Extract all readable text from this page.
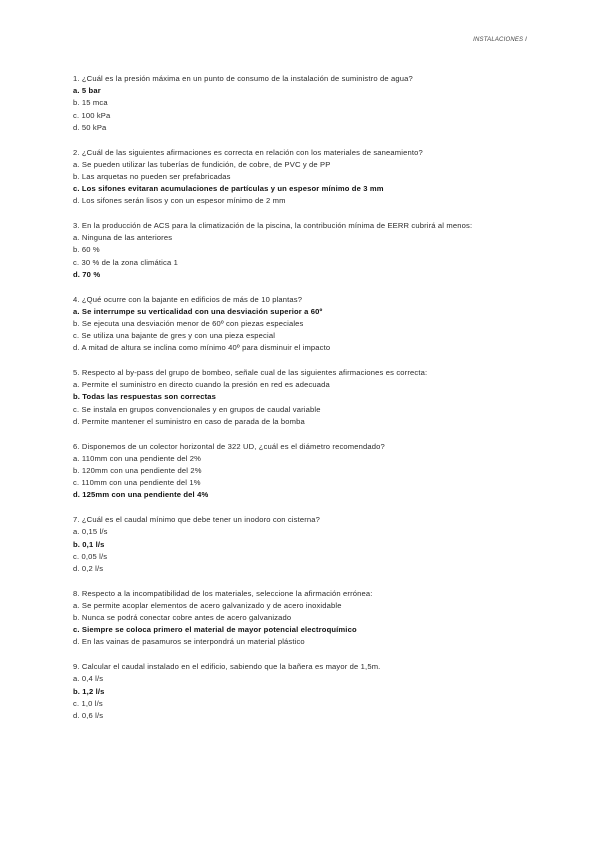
INSTALACIONES I
1. ¿Cuál es la presión máxima en un punto de consumo de la instalación de suministro de agua?
a. 5 bar
b. 15 mca
c. 100 kPa
d. 50 kPa
2. ¿Cuál de las siguientes afirmaciones es correcta en relación con los materiales de saneamiento?
a. Se pueden utilizar las tuberías de fundición, de cobre, de PVC y de PP
b. Las arquetas no pueden ser prefabricadas
c. Los sifones evitaran acumulaciones de partículas y un espesor mínimo de 3 mm
d. Los sifones serán lisos y con un espesor mínimo de 2 mm
3. En la producción de ACS para la climatización de la piscina, la contribución mínima de EERR cubrirá al menos:
a. Ninguna de las anteriores
b. 60 %
c. 30 % de la zona climática 1
d. 70 %
4. ¿Qué ocurre con la bajante en edificios de más de 10 plantas?
a. Se interrumpe su verticalidad con una desviación superior a 60º
b. Se ejecuta una desviación menor de 60º con piezas especiales
c. Se utiliza una bajante de gres y con una pieza especial
d. A mitad de altura se inclina como mínimo 40º para disminuir el impacto
5. Respecto al by-pass del grupo de bombeo, señale cual de las siguientes afirmaciones es correcta:
a. Permite el suministro en directo cuando la presión en red es adecuada
b. Todas las respuestas son correctas
c. Se instala en grupos convencionales y en grupos de caudal variable
d. Permite mantener el suministro en caso de parada de la bomba
6. Disponemos de un colector horizontal de 322 UD, ¿cuál es el diámetro recomendado?
a. 110mm con una pendiente del 2%
b. 120mm con una pendiente del 2%
c. 110mm con una pendiente del 1%
d. 125mm con una pendiente del 4%
7. ¿Cuál es el caudal mínimo que debe tener un inodoro con cisterna?
a. 0,15 l/s
b. 0,1 l/s
c. 0,05 l/s
d. 0,2 l/s
8. Respecto a la incompatibilidad de los materiales, seleccione la afirmación errónea:
a. Se permite acoplar elementos de acero galvanizado y de acero inoxidable
b. Nunca se podrá conectar cobre antes de acero galvanizado
c. Siempre se coloca primero el material de mayor potencial electroquímico
d. En las vainas de pasamuros se interpondrá un material plástico
9. Calcular el caudal instalado en el edificio, sabiendo que la bañera es mayor de 1,5m.
a. 0,4 l/s
b. 1,2 l/s
c. 1,0 l/s
d. 0,6 l/s
